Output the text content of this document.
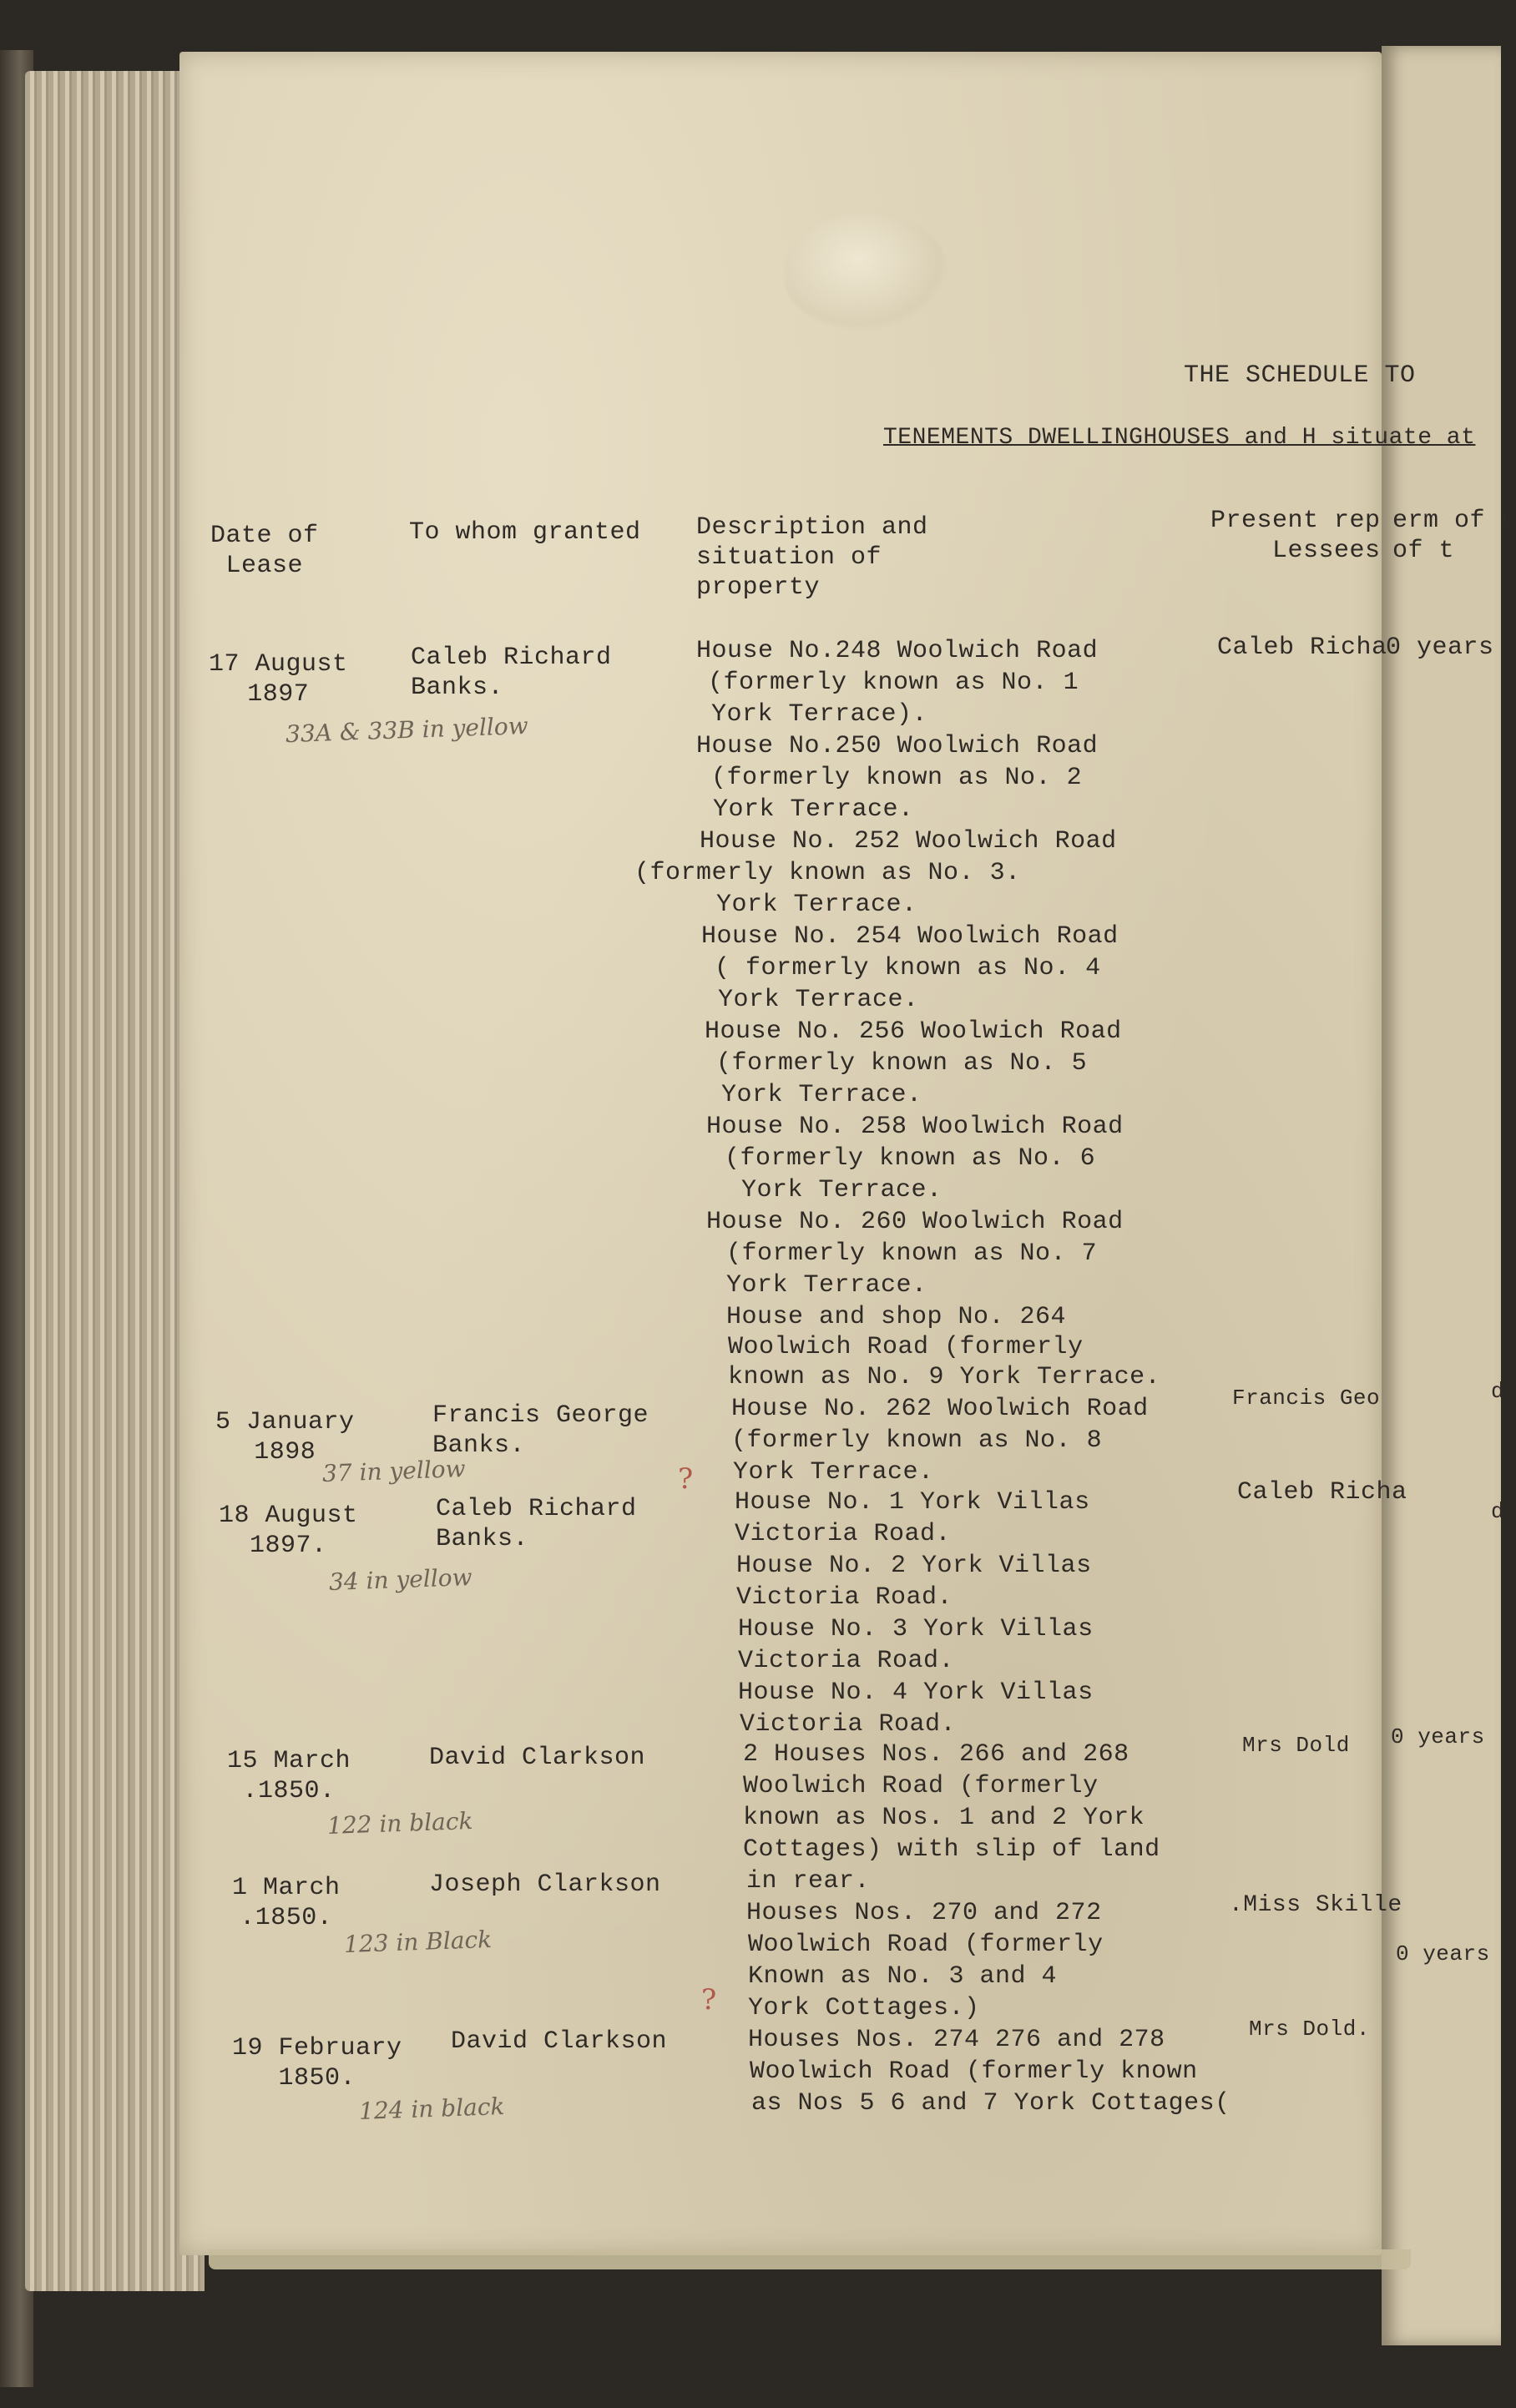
THE SCHEDULE TO
TENEMENTS DWELLINGHOUSES and H situate at
Date of
Lease
To whom granted Description and
situation of
property
Present rep
Lessees
erm of L
of t
17 August
1897
Caleb Richard
Banks.
33A & 33B in yellow
Caleb Richa
0 years
House No.248 Woolwich Road
(formerly known as No. 1
York Terrace).
House No.250 Woolwich Road
(formerly known as No. 2
York Terrace.
House No. 252 Woolwich Road
(formerly known as No. 3.
York Terrace.
House No. 254 Woolwich Road
( formerly known as No. 4
York Terrace.
House No. 256 Woolwich Road
(formerly known as No. 5
York Terrace.
House No. 258 Woolwich Road
(formerly known as No. 6
York Terrace.
House No. 260 Woolwich Road
(formerly known as No. 7
York Terrace.
House and shop No. 264
Woolwich Road (formerly
known as No. 9 York Terrace.
5 January
1898
Francis George
Banks.
37 in yellow
Francis Geo
House No. 262 Woolwich Road
(formerly known as No. 8
York Terrace.
18 August
1897.
Caleb Richard
Banks.
34 in yellow
Caleb Richa
House No. 1 York Villas
Victoria Road.
House No. 2 York Villas
Victoria Road.
House No. 3 York Villas
Victoria Road.
House No. 4 York Villas
Victoria Road.
15 March
.1850.
David Clarkson
122 in black
Mrs Dold 0 years
2 Houses Nos. 266 and 268
Woolwich Road (formerly
known as Nos. 1 and 2 York
Cottages) with slip of land
in rear.
1 March
.1850.
Joseph Clarkson
123 in Black
.Miss Skille
0 years
Houses Nos. 270 and 272
Woolwich Road (formerly
Known as No. 3 and 4
York Cottages.)
19 February
1850.
David Clarkson
124 in black
Mrs Dold.
Houses Nos. 274 276 and 278
Woolwich Road (formerly known
as Nos 5 6 and 7 York Cottages(
d
d
?
?
